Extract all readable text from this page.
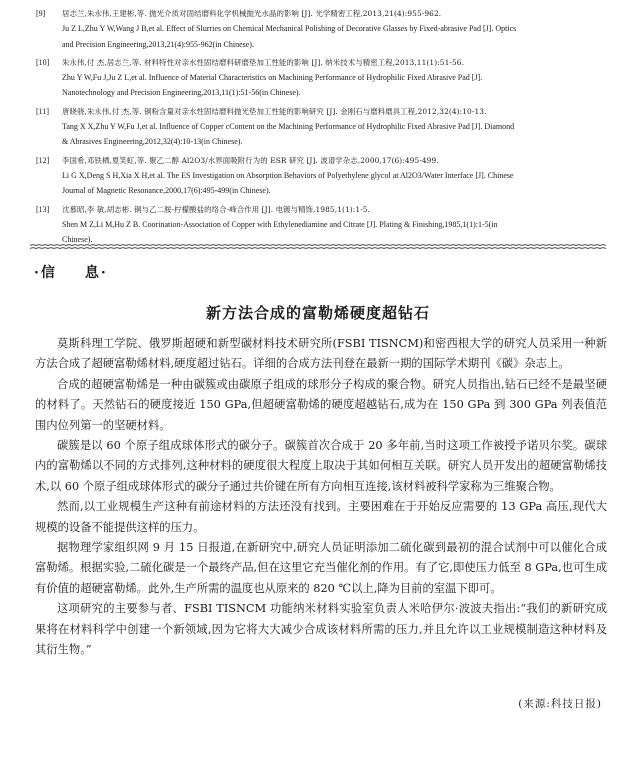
[9] 居志兰,朱永伟,王建彬,等. 抛光介质对固结磨料化学机械抛光水晶的影响 [J]. 光学精密工程,2013,21(4):955-962.
Ju Z L,Zhu Y W,Wang J B,et al. Effect of Slurries on Chemical Mechanical Polishing of Decorative Glasses by Fixed-abrasive Pad [J]. Optics
and Precision Engineering,2013,21(4):955-962(in Chinese).
[10] 朱永伟,付 杰,居志兰,等. 材料特性对亲水性固结磨料研磨垫加工性能的影响 [J]. 纳米技术与精密工程,2013,11(1):51-56.
Zhu Y W,Fu J,Ju Z L,et al. Influence of Material Characteristics on Machining Performance of Hydrophilic Fixed Abrasive Pad [J].
Nanotechnology and Precision Engineering,2013,11(1):51-56(in Chinese).
[11] 唐晓骁,朱永伟,付 杰,等. 铜粉含量对亲水性固结磨料抛光垫加工性能的影响研究 [J]. 金刚石与磨料磨具工程,2012,32(4):10-13.
Tang X X,Zhu Y W,Fu J,et al. Influence of Copper cContent on the Machining Performance of Hydrophilic Fixed Abrasive Pad [J]. Diamond
& Abrasives Engineering,2012,32(4):10-13(in Chinese).
[12] 李国希,邓铁栖,夏笑虹,等. 聚乙二醇 Al2O3/水界面吸附行为的 ESR 研究 [J]. 波谱学杂志,2000,17(6):495-499.
Li G X,Deng S H,Xia X H,et al. The ES Investigation on Absorption Behaviors of Polyethylene glycol at Al2O3/Water Interface [J]. Chinese
Journal of Magnetic Resonance,2000,17(6):495-499(in Chinese).
[13] 沈慕昭,李 敏,胡志彬. 铜与乙二胺-柠檬酸盐的络合-峰合作用 [J]. 电镀与精饰,1985,1(1):1-5.
Shen M Z,Li M,Hu Z B. Coorination-Association of Copper with Ethylenediamine and Citrate [J]. Plating & Finishing,1985,1(1):1-5(in
Chinese).
·信 息·
新方法合成的富勒烯硬度超钻石

莫斯科理工学院、俄罗斯超硬和新型碳材料技术研究所(FSBI TISNCM)和密西根大学的研究人员采用一种新方法合成了超硬富勒烯材料,硬度超过钻石。详细的合成方法刊登在最新一期的国际学术期刊《碳》杂志上。

合成的超硬富勒烯是一种由碳簇或由碳原子组成的球形分子构成的聚合物。研究人员指出,钻石已经不是最坚硬的材料了。天然钻石的硬度接近 150 GPa,但超硬富勒烯的硬度超越钻石,成为在 150 GPa 到 300 GPa 列表值范围内位列第一的坚硬材料。

碳簇是以 60 个原子组成球体形式的碳分子。碳簇首次合成于 20 多年前,当时这项工作被授予诺贝尔奖。碳球内的富勒烯以不同的方式排列,这种材料的硬度很大程度上取决于其如何相互关联。研究人员开发出的超硬富勒烯技术,以 60 个原子组成球体形式的碳分子通过共价键在所有方向相互连接,该材料被科学家称为三维聚合物。

然而,以工业规模生产这种有前途材料的方法还没有找到。主要困难在于开始反应需要的 13 GPa 高压,现代大规模的设备不能提供这样的压力。

据物理学家组织网 9 月 15 日报道,在新研究中,研究人员证明添加二硫化碳到最初的混合试剂中可以催化合成富勒烯。根据实验,二硫化碳是一个最终产品,但在这里它充当催化剂的作用。有了它,即使压力低至 8 GPa,也可生成有价值的超硬富勒烯。此外,生产所需的温度也从原来的 820 ℃以上,降为目前的室温下即可。

这项研究的主要参与者、FSBI TISNCM 功能纳米材料实验室负责人米哈伊尔·波波夫指出:“我们的新研究成果将在材料科学中创建一个新领域,因为它将大大减少合成该材料所需的压力,并且允许以工业规模制造这种材料及其衍生物。”

(来源:科技日报)
